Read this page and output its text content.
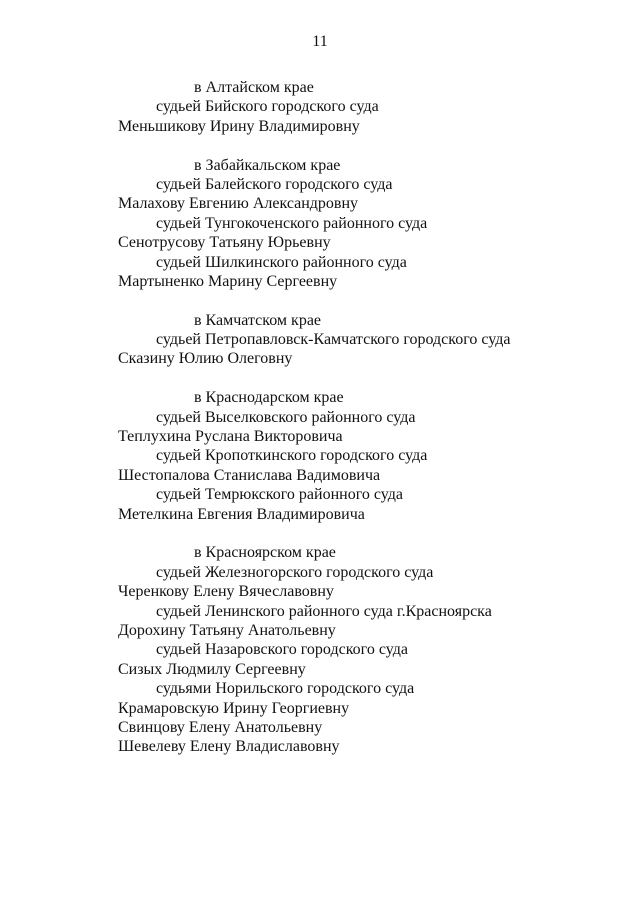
11
в Алтайском крае
судьей Бийского городского суда
Меньшикову Ирину Владимировну
в Забайкальском крае
судьей Балейского городского суда
Малахову Евгению Александровну
судьей Тунгокоченского районного суда
Сенотрусову Татьяну Юрьевну
судьей Шилкинского районного суда
Мартыненко Марину Сергеевну
в Камчатском крае
судьей Петропавловск-Камчатского городского суда
Сказину Юлию Олеговну
в Краснодарском крае
судьей Выселковского районного суда
Теплухина Руслана Викторовича
судьей Кропоткинского городского суда
Шестопалова Станислава Вадимовича
судьей Темрюкского районного суда
Метелкина Евгения Владимировича
в Красноярском крае
судьей Железногорского городского суда
Черенкову Елену Вячеславовну
судьей Ленинского районного суда г.Красноярска
Дорохину Татьяну Анатольевну
судьей Назаровского городского суда
Сизых Людмилу Сергеевну
судьями Норильского городского суда
Крамаровскую Ирину Георгиевну
Свинцову Елену Анатольевну
Шевелеву Елену Владиславовну
